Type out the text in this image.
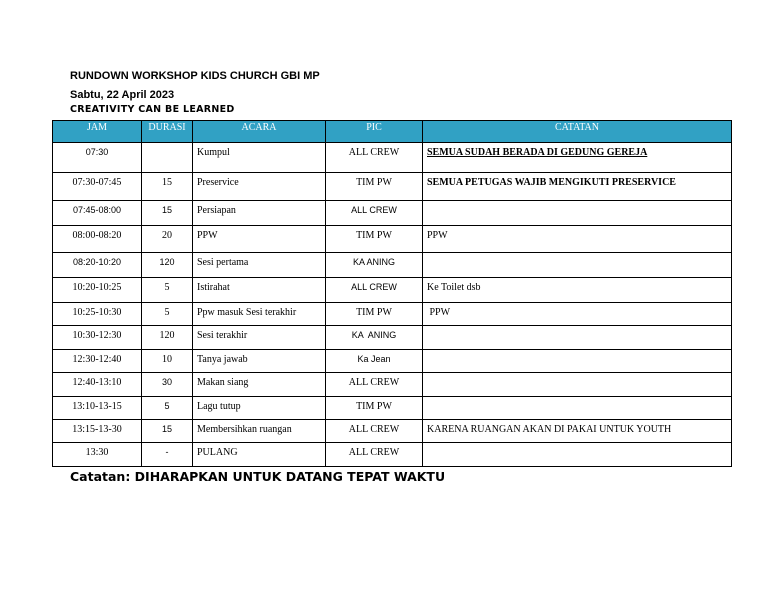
RUNDOWN WORKSHOP KIDS CHURCH GBI MP
Sabtu, 22 April 2023
CREATIVITY CAN BE LEARNED
JAM	DURASI	ACARA	PIC	CATATAN
07:30		Kumpul	ALL CREW	SEMUA SUDAH BERADA DI GEDUNG GEREJA
07:30-07:45	15	Preservice	TIM PW	SEMUA PETUGAS WAJIB MENGIKUTI PRESERVICE
07:45-08:00	15	Persiapan	ALL CREW	
08:00-08:20	20	PPW	TIM PW	PPW
08:20-10:20	120	Sesi pertama	KA ANING	
10:20-10:25	5	Istirahat	ALL CREW	Ke Toilet dsb
10:25-10:30	5	Ppw masuk Sesi terakhir	TIM PW	PPW
10:30-12:30	120	Sesi terakhir	KA  ANING	
12:30-12:40	10	Tanya jawab	Ka Jean	
12:40-13:10	30	Makan siang	ALL CREW	
13:10-13-15	5	Lagu tutup	TIM PW	
13:15-13-30	15	Membersihkan ruangan	ALL CREW	KARENA RUANGAN AKAN DI PAKAI UNTUK YOUTH
13:30	-	PULANG	ALL CREW	
Catatan: DIHARAPKAN UNTUK DATANG TEPAT WAKTU
